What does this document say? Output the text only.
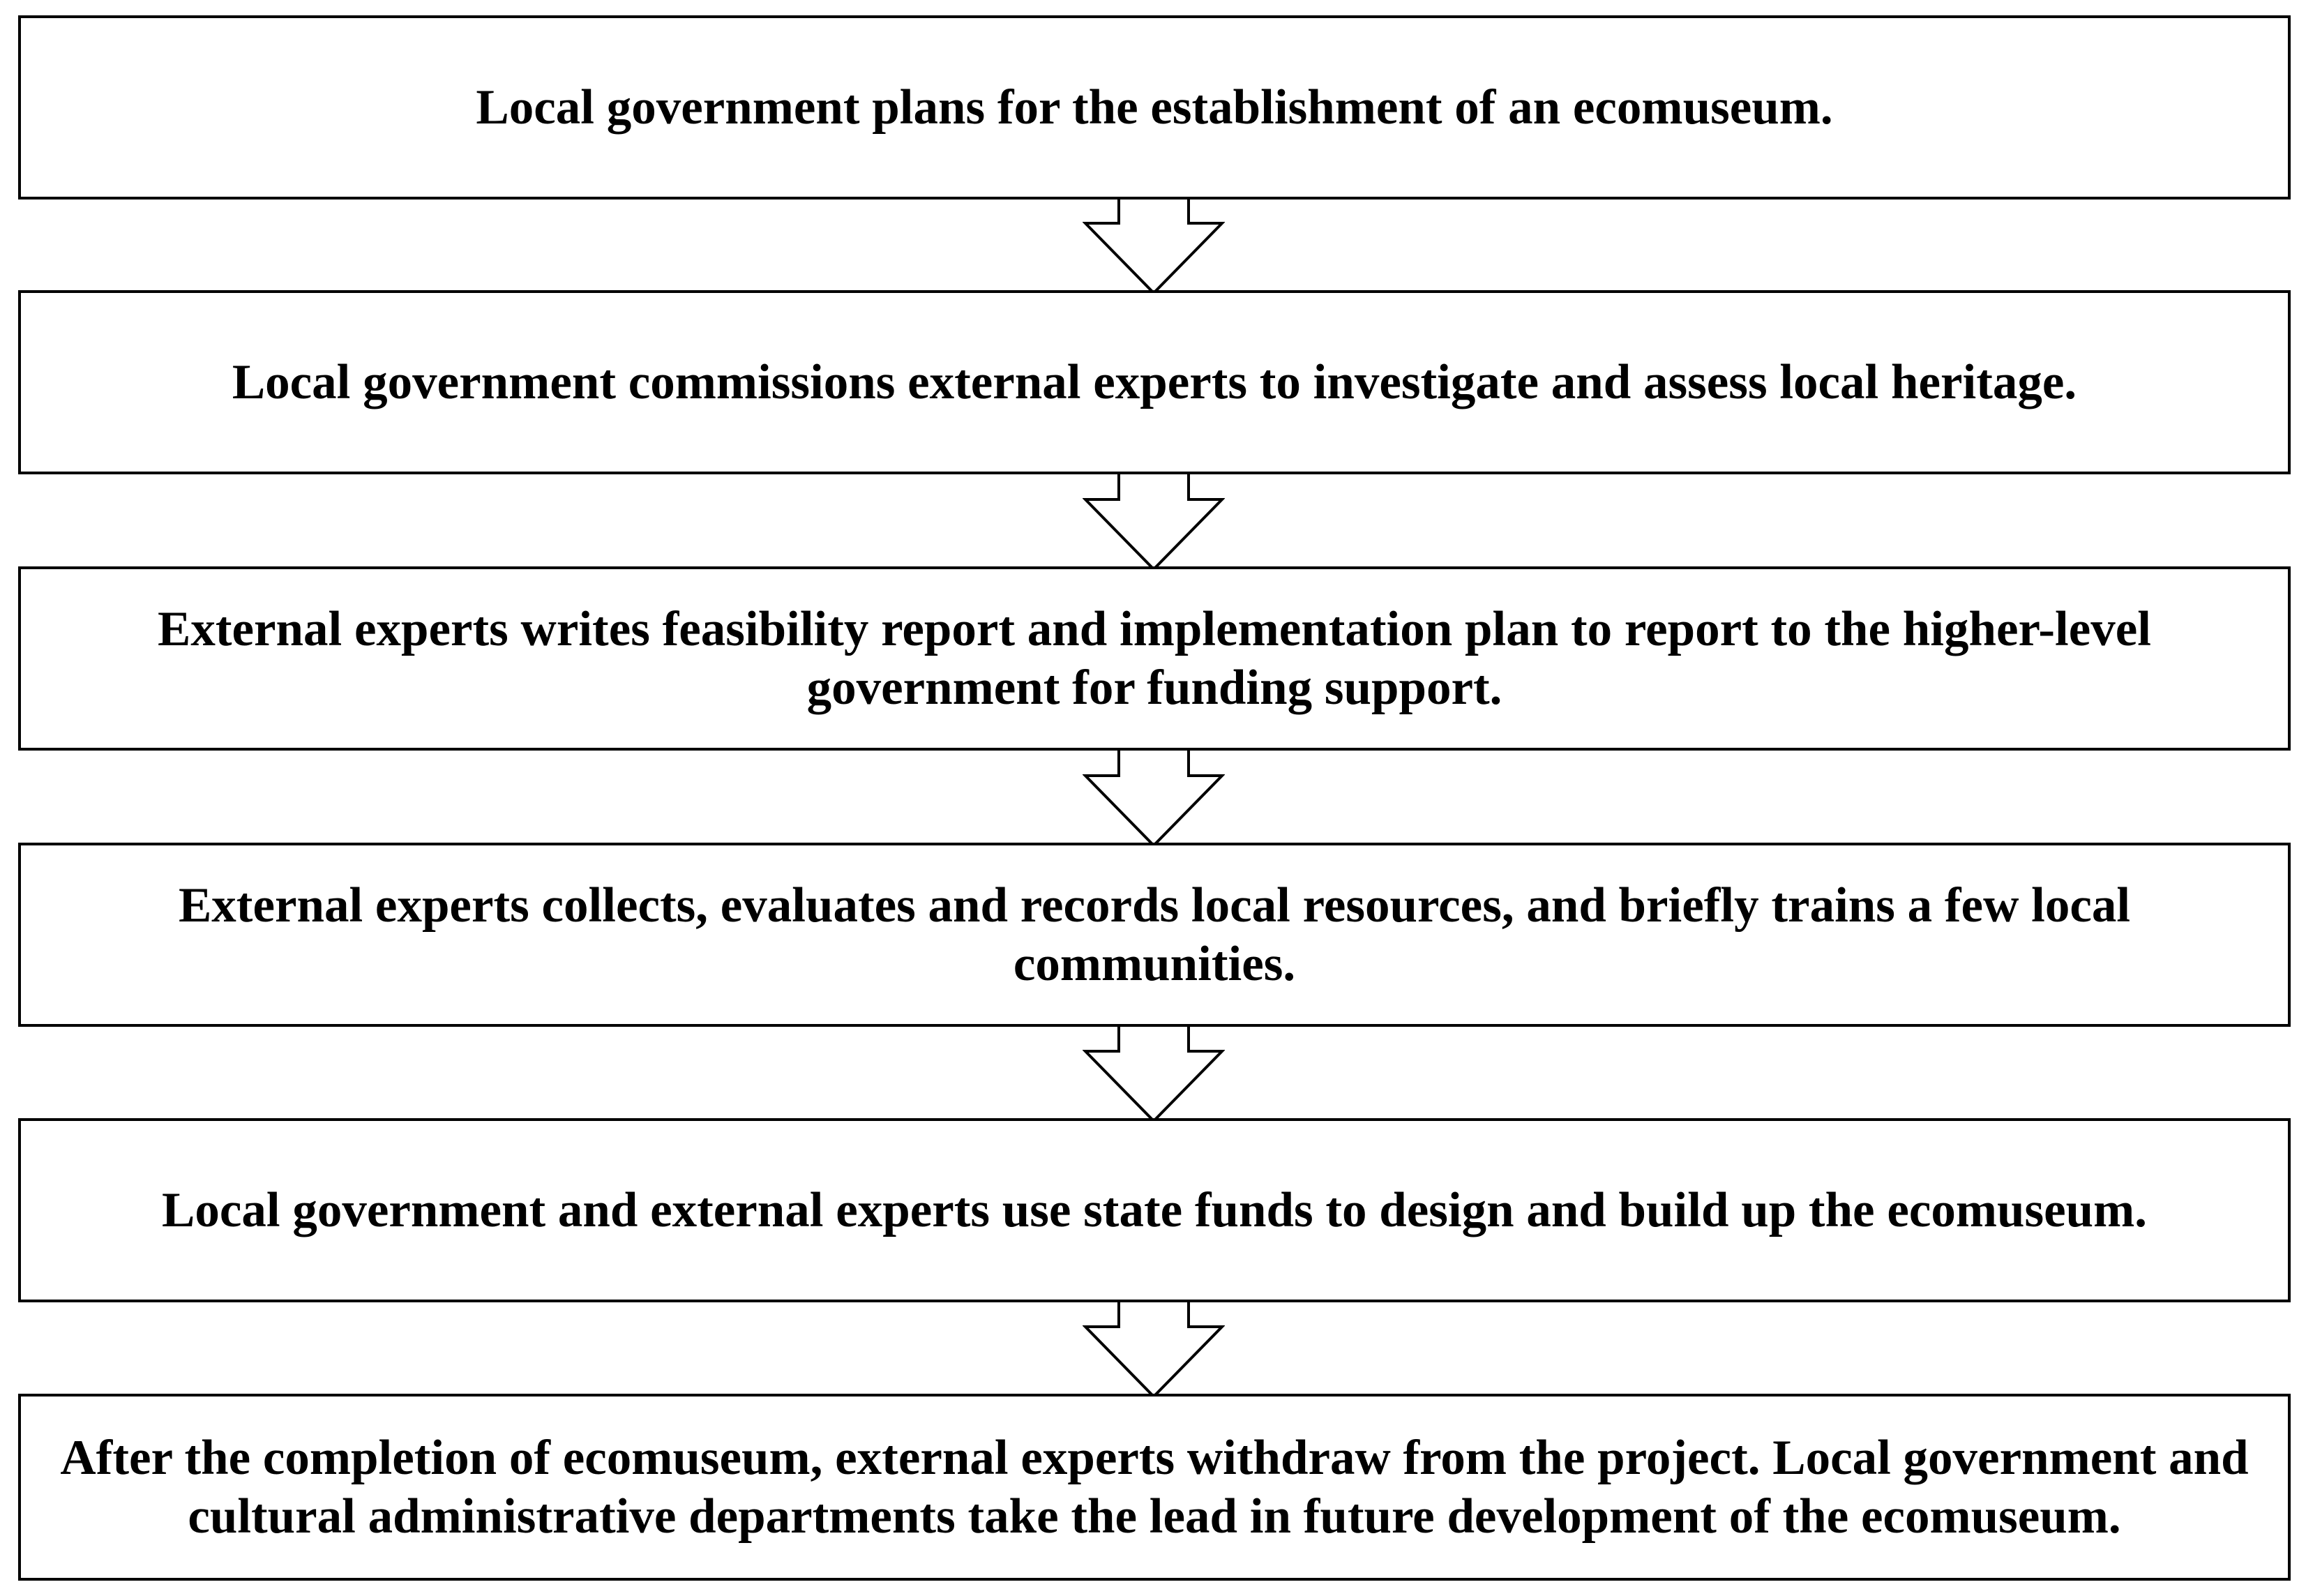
Local government plans for the establishment of an ecomuseum.
Local government commissions external experts to investigate and assess local heritage.
External experts writes feasibility report and implementation plan to report to the higher-level government for funding support.
External experts collects, evaluates and records local resources, and briefly trains a few local communities.
Local government and external experts use state funds to design and build up the ecomuseum.
After the completion of ecomuseum, external experts withdraw from the project. Local government and cultural administrative departments take the lead in future development of the ecomuseum.
